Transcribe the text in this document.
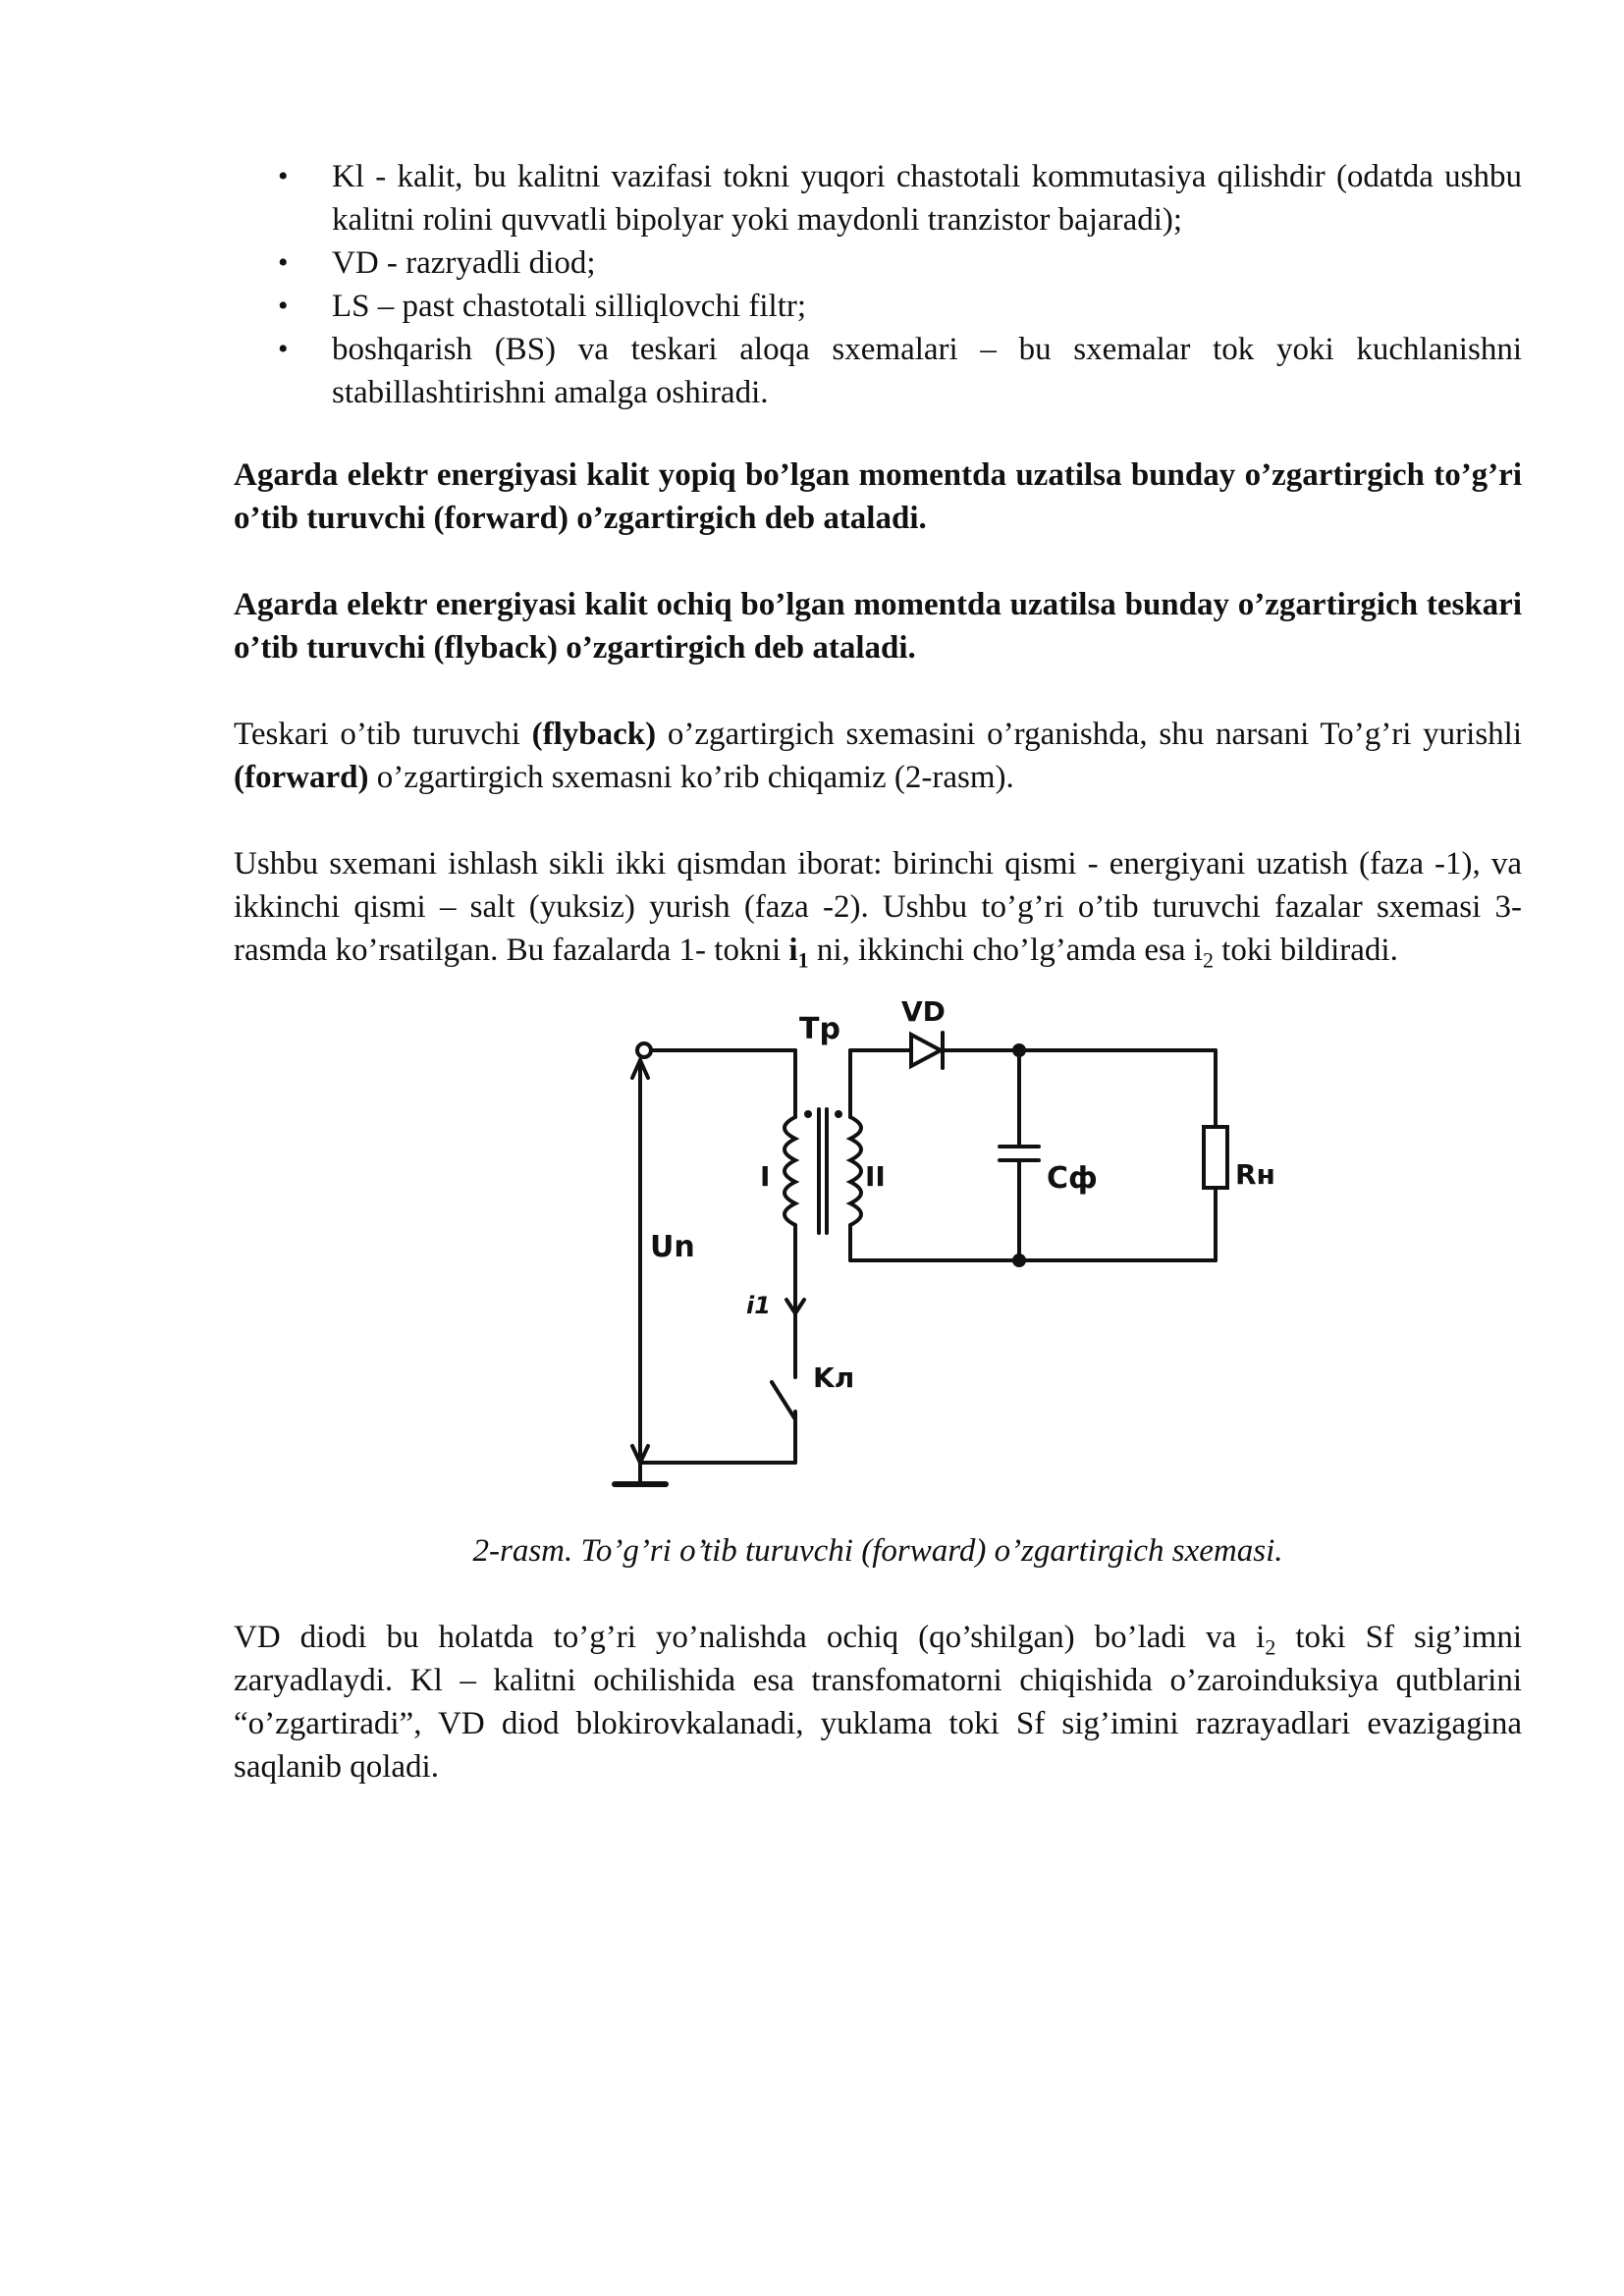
• Kl - kalit, bu kalitni vazifasi tokni yuqori chastotali kommutasiya qilishdir (odatda ushbu kalitni rolini quvvatli bipolyar yoki maydonli tranzistor bajaradi);
• VD - razryadli diod;
• LS – past chastotali silliqlovchi filtr;
• boshqarish (BS) va teskari aloqa sxemalari – bu sxemalar tok yoki kuchlanishni stabillashtirishni amalga oshiradi.

Agarda elektr energiyasi kalit yopiq bo’lgan momentda uzatilsa bunday o’zgartirgich to’g’ri o’tib turuvchi (forward) o’zgartirgich deb ataladi.

Agarda elektr energiyasi kalit ochiq bo’lgan momentda uzatilsa bunday o’zgartirgich teskari o’tib turuvchi (flyback) o’zgartirgich deb ataladi.

Teskari o’tib turuvchi (flyback) o’zgartirgich sxemasini o’rganishda, shu narsani To’g’ri yurishli (forward) o’zgartirgich sxemasni ko’rib chiqamiz (2-rasm).

Ushbu sxemani ishlash sikli ikki qismdan iborat: birinchi qismi - energiyani uzatish (faza -1), va ikkinchi qismi – salt (yuksiz) yurish (faza -2). Ushbu to’g’ri o’tib turuvchi fazalar sxemasi 3-rasmda ko’rsatilgan. Bu fazalarda 1- tokni $i_1$ ni, ikkinchi cho’lg’amda esa $i_2$ toki bildiradi.

Tp
VD
I	II	Cф	Rн
Un
i1
Kл

2-rasm. To’g’ri o’tib turuvchi (forward) o’zgartirgich sxemasi.

VD diodi bu holatda to’g’ri yo’nalishda ochiq (qo’shilgan) bo’ladi va $i_2$ toki Sf sig’imni zaryadlaydi. Kl – kalitni ochilishida esa transfomatorni chiqishida o’zaroinduksiya qutblarini “o’zgartiradi”, VD diod blokirovkalanadi, yuklama toki Sf sig’imini razrayadlari evazigagina saqlanib qoladi.
